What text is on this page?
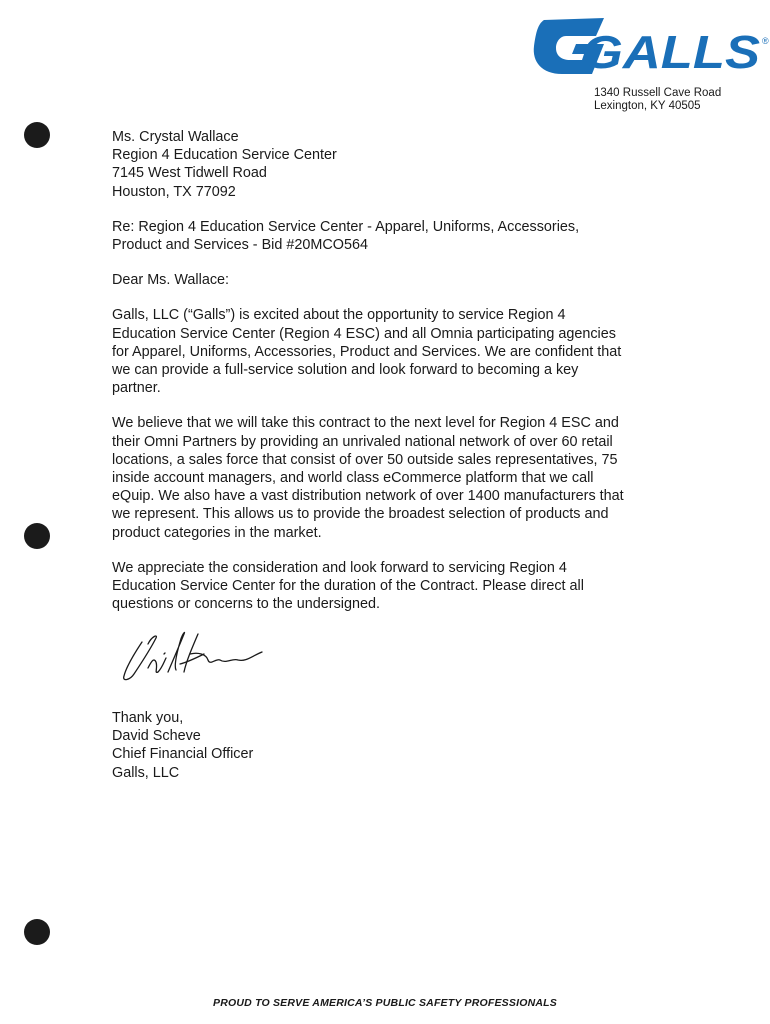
GALLS ®
1340 Russell Cave Road
Lexington, KY 40505

Ms. Crystal Wallace
Region 4 Education Service Center
7145 West Tidwell Road
Houston, TX 77092

Re: Region 4 Education Service Center - Apparel, Uniforms, Accessories,
Product and Services - Bid #20MCO564

Dear Ms. Wallace:

Galls, LLC (“Galls”) is excited about the opportunity to service Region 4
Education Service Center (Region 4 ESC) and all Omnia participating agencies
for Apparel, Uniforms, Accessories, Product and Services. We are confident that
we can provide a full-service solution and look forward to becoming a key
partner.

We believe that we will take this contract to the next level for Region 4 ESC and
their Omni Partners by providing an unrivaled national network of over 60 retail
locations, a sales force that consist of over 50 outside sales representatives, 75
inside account managers, and world class eCommerce platform that we call
eQuip. We also have a vast distribution network of over 1400 manufacturers that
we represent. This allows us to provide the broadest selection of products and
product categories in the market.

We appreciate the consideration and look forward to servicing Region 4
Education Service Center for the duration of the Contract. Please direct all
questions or concerns to the undersigned.

Thank you,
David Scheve
Chief Financial Officer
Galls, LLC
PROUD TO SERVE AMERICA’S PUBLIC SAFETY PROFESSIONALS
